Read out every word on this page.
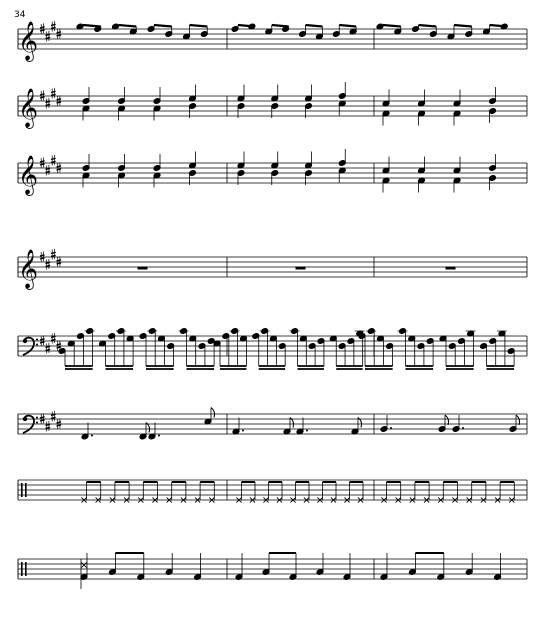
34
𝄞
𝄞
𝄞
𝄞
